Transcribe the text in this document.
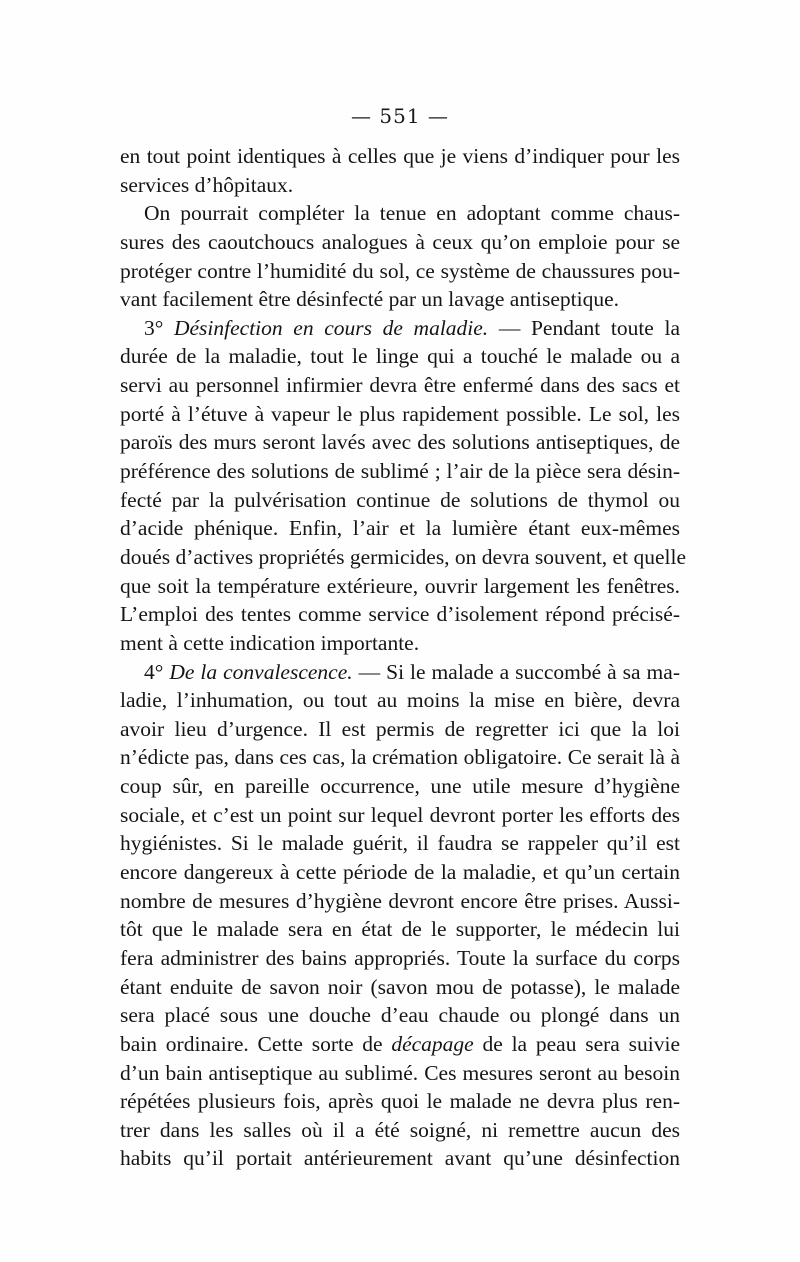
— 551 —
en tout point identiques à celles que je viens d’indiquer pour les
services d’hôpitaux.
On pourrait compléter la tenue en adoptant comme chaus-
sures des caoutchoucs analogues à ceux qu’on emploie pour se
protéger contre l’humidité du sol, ce système de chaussures pou-
vant facilement être désinfecté par un lavage antiseptique.
3° Désinfection en cours de maladie. — Pendant toute la
durée de la maladie, tout le linge qui a touché le malade ou a
servi au personnel infirmier devra être enfermé dans des sacs et
porté à l’étuve à vapeur le plus rapidement possible. Le sol, les
paroïs des murs seront lavés avec des solutions antiseptiques, de
préférence des solutions de sublimé ; l’air de la pièce sera désin-
fecté par la pulvérisation continue de solutions de thymol ou
d’acide phénique. Enfin, l’air et la lumière étant eux-mêmes
doués d’actives propriétés germicides, on devra souvent, et quelle
que soit la température extérieure, ouvrir largement les fenêtres.
L’emploi des tentes comme service d’isolement répond précisé-
ment à cette indication importante.
4° De la convalescence. — Si le malade a succombé à sa ma-
ladie, l’inhumation, ou tout au moins la mise en bière, devra
avoir lieu d’urgence. Il est permis de regretter ici que la loi
n’édicte pas, dans ces cas, la crémation obligatoire. Ce serait là à
coup sûr, en pareille occurrence, une utile mesure d’hygiène
sociale, et c’est un point sur lequel devront porter les efforts des
hygiénistes. Si le malade guérit, il faudra se rappeler qu’il est
encore dangereux à cette période de la maladie, et qu’un certain
nombre de mesures d’hygiène devront encore être prises. Aussi-
tôt que le malade sera en état de le supporter, le médecin lui
fera administrer des bains appropriés. Toute la surface du corps
étant enduite de savon noir (savon mou de potasse), le malade
sera placé sous une douche d’eau chaude ou plongé dans un
bain ordinaire. Cette sorte de décapage de la peau sera suivie
d’un bain antiseptique au sublimé. Ces mesures seront au besoin
répétées plusieurs fois, après quoi le malade ne devra plus ren-
trer dans les salles où il a été soigné, ni remettre aucun des
habits qu’il portait antérieurement avant qu’une désinfection
